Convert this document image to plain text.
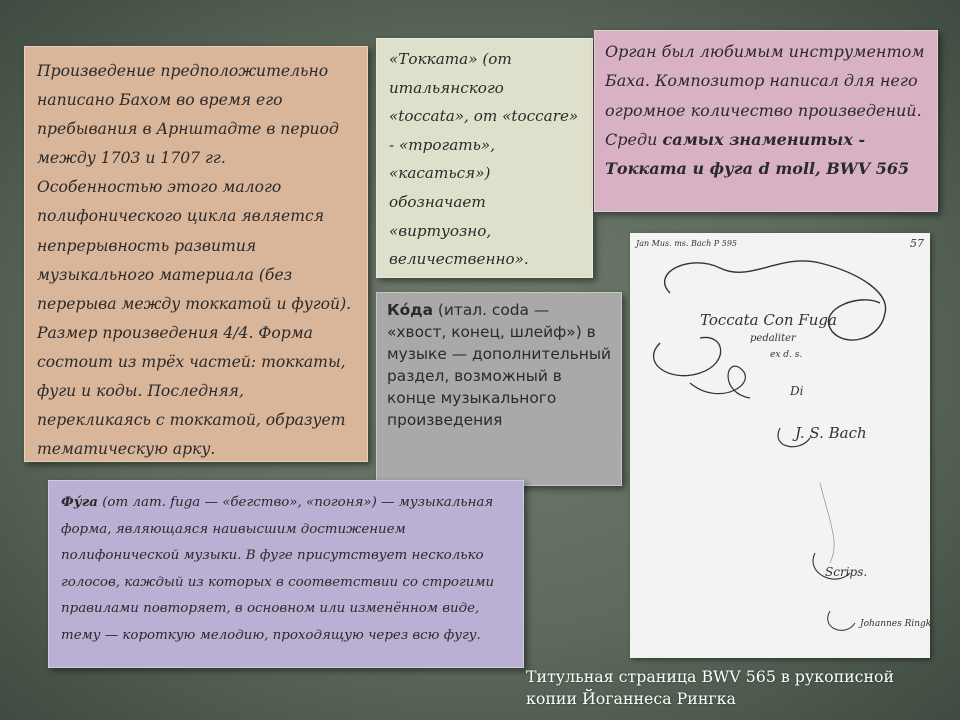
Произведение предположительно написано Бахом во время его пребывания в Арнштадте в период между 1703 и 1707 гг. Особенностью этого малого полифонического цикла является непрерывность развития музыкального материала (без перерыва между токкатой и фугой). Размер произведения 4/4. Форма состоит из трёх частей: токкаты, фуги и коды. Последняя, перекликаясь с токкатой, образует тематическую арку.
«Токката» (от итальянского «toccata», от «toccare» - «трогать», «касаться») обозначает «виртуозно, величественно».
Орган был любимым инструментом Баха. Композитор написал для него огромное количество произведений. Среди самых знаменитых - Токката и фуга d moll, BWV 565
Ко́да (итал. coda — «хвост, конец, шлейф») в музыке — дополнительный раздел, возможный в конце музыкального произведения
Фу́га (от лат. fuga — «бегство», «погоня») — музыкальная форма, являющаяся наивысшим достижением полифонической музыки. В фуге присутствует несколько голосов, каждый из которых в соответствии со строгими правилами повторяет, в основном или изменённом виде, тему — короткую мелодию, проходящую через всю фугу.
Jan Mus. ms. Bach P 595	57
Toccata Con Fuga
pedaliter
ex d. s.
Di
J. S. Bach
Scrips.
Johannes Ringk
Титульная страница BWV 565 в рукописной
копии Йоганнеса Рингка
